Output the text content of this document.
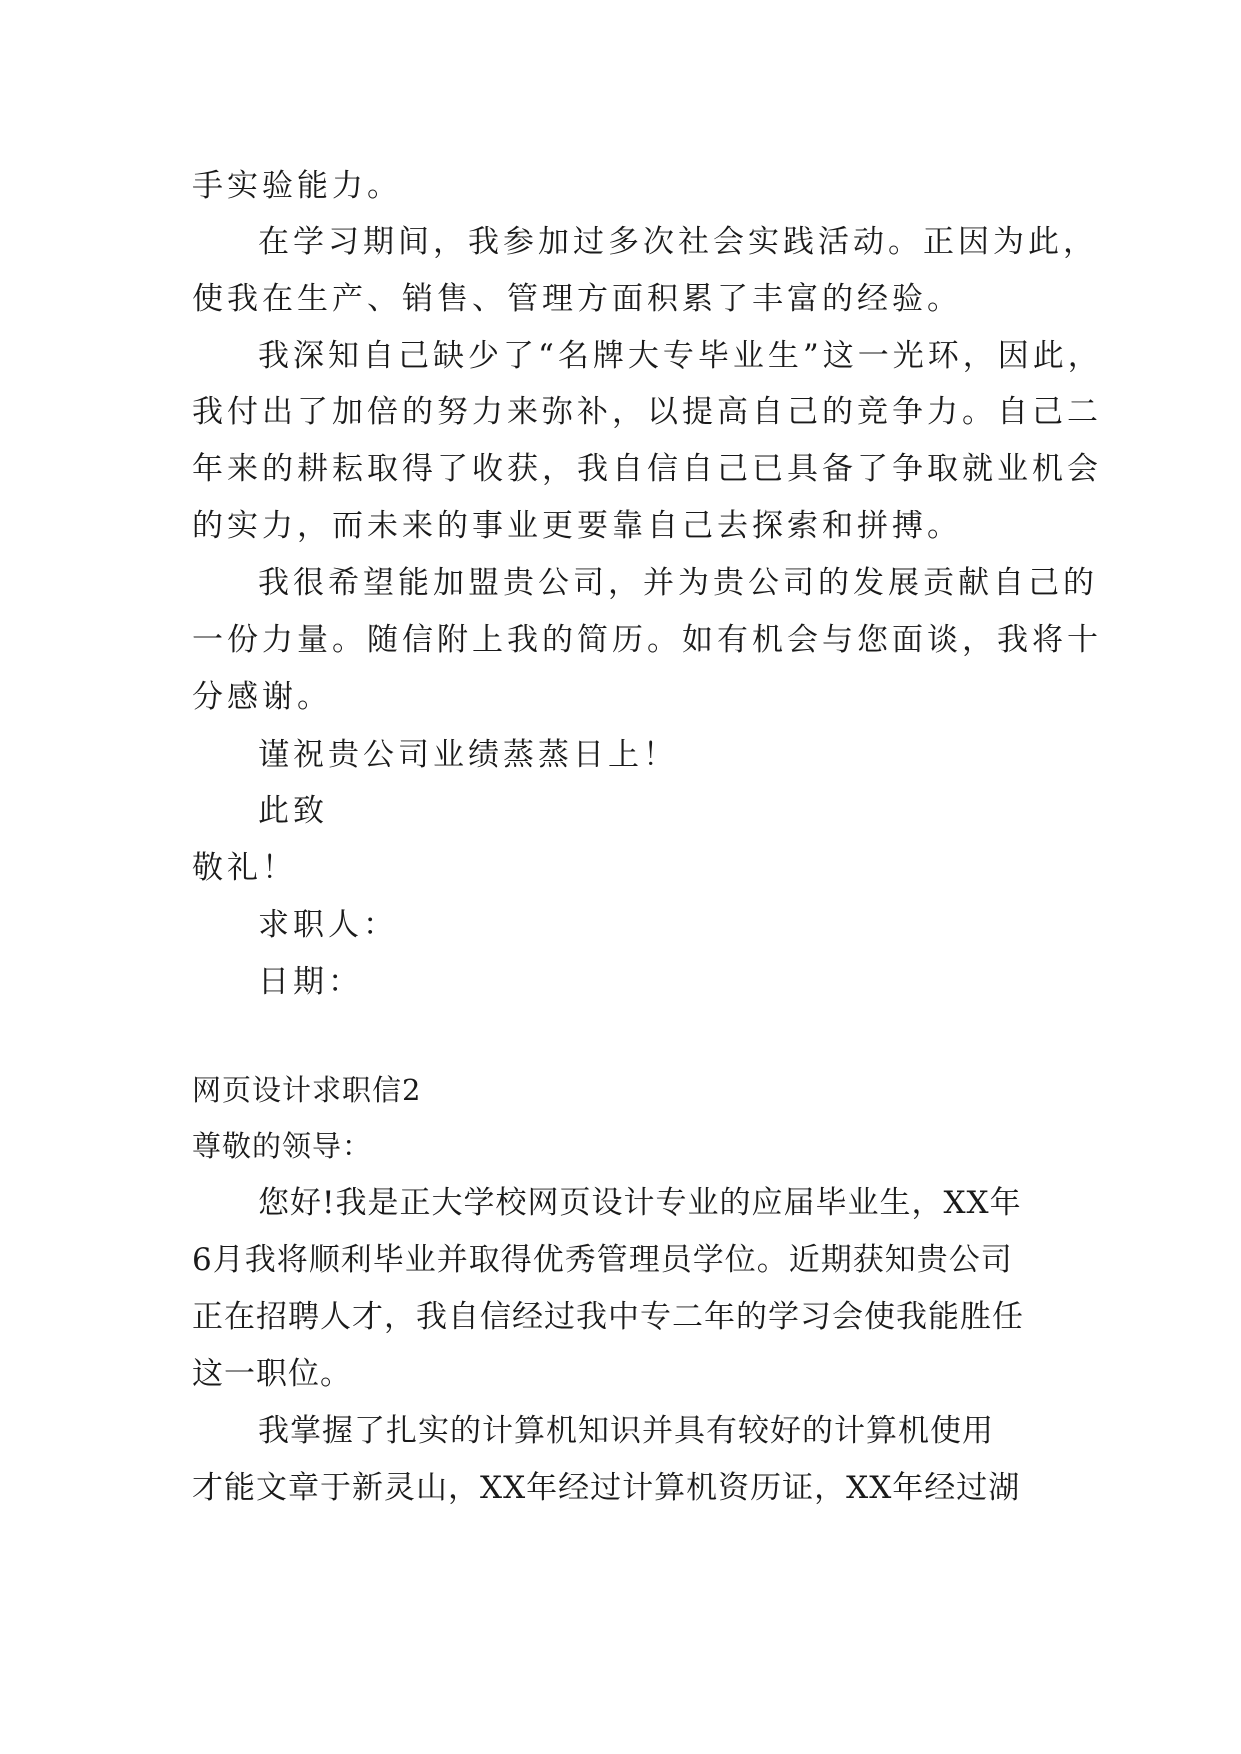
手实验能力。
在学习期间，我参加过多次社会实践活动。正因为此，
使我在生产、销售、管理方面积累了丰富的经验。
我深知自己缺少了“名牌大专毕业生”这一光环，因此，
我付出了加倍的努力来弥补，以提高自己的竞争力。自己二
年来的耕耘取得了收获，我自信自己已具备了争取就业机会
的实力，而未来的事业更要靠自己去探索和拼搏。
我很希望能加盟贵公司，并为贵公司的发展贡献自己的
一份力量。随信附上我的简历。如有机会与您面谈，我将十
分感谢。
谨祝贵公司业绩蒸蒸日上！
此致
敬礼！
求职人：
日期：
网页设计求职信2
尊敬的领导：
您好!我是正大学校网页设计专业的应届毕业生，XX年
6月我将顺利毕业并取得优秀管理员学位。近期获知贵公司
正在招聘人才，我自信经过我中专二年的学习会使我能胜任
这一职位。
我掌握了扎实的计算机知识并具有较好的计算机使用
才能文章于新灵山，XX年经过计算机资历证，XX年经过湖
